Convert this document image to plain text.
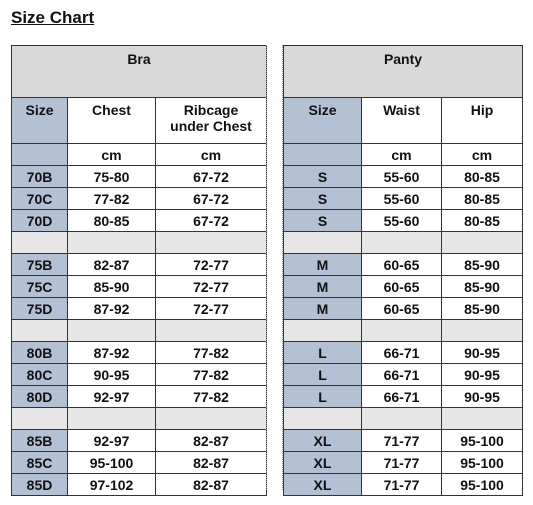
Size Chart
Bra		
Size	Chest	Ribcage
under Chest
	cm	cm
70B	75-80	67-72
70C	77-82	67-72
70D	80-85	67-72

75B	82-87	72-77
75C	85-90	72-77
75D	87-92	72-77

80B	87-92	77-82
80C	90-95	77-82
80D	92-97	77-82

85B	92-97	82-87
85C	95-100	82-87
85D	97-102	82-87
Panty		
Size	Waist	Hip
	cm	cm
S	55-60	80-85
S	55-60	80-85
S	55-60	80-85

M	60-65	85-90
M	60-65	85-90
M	60-65	85-90

L	66-71	90-95
L	66-71	90-95
L	66-71	90-95

XL	71-77	95-100
XL	71-77	95-100
XL	71-77	95-100
